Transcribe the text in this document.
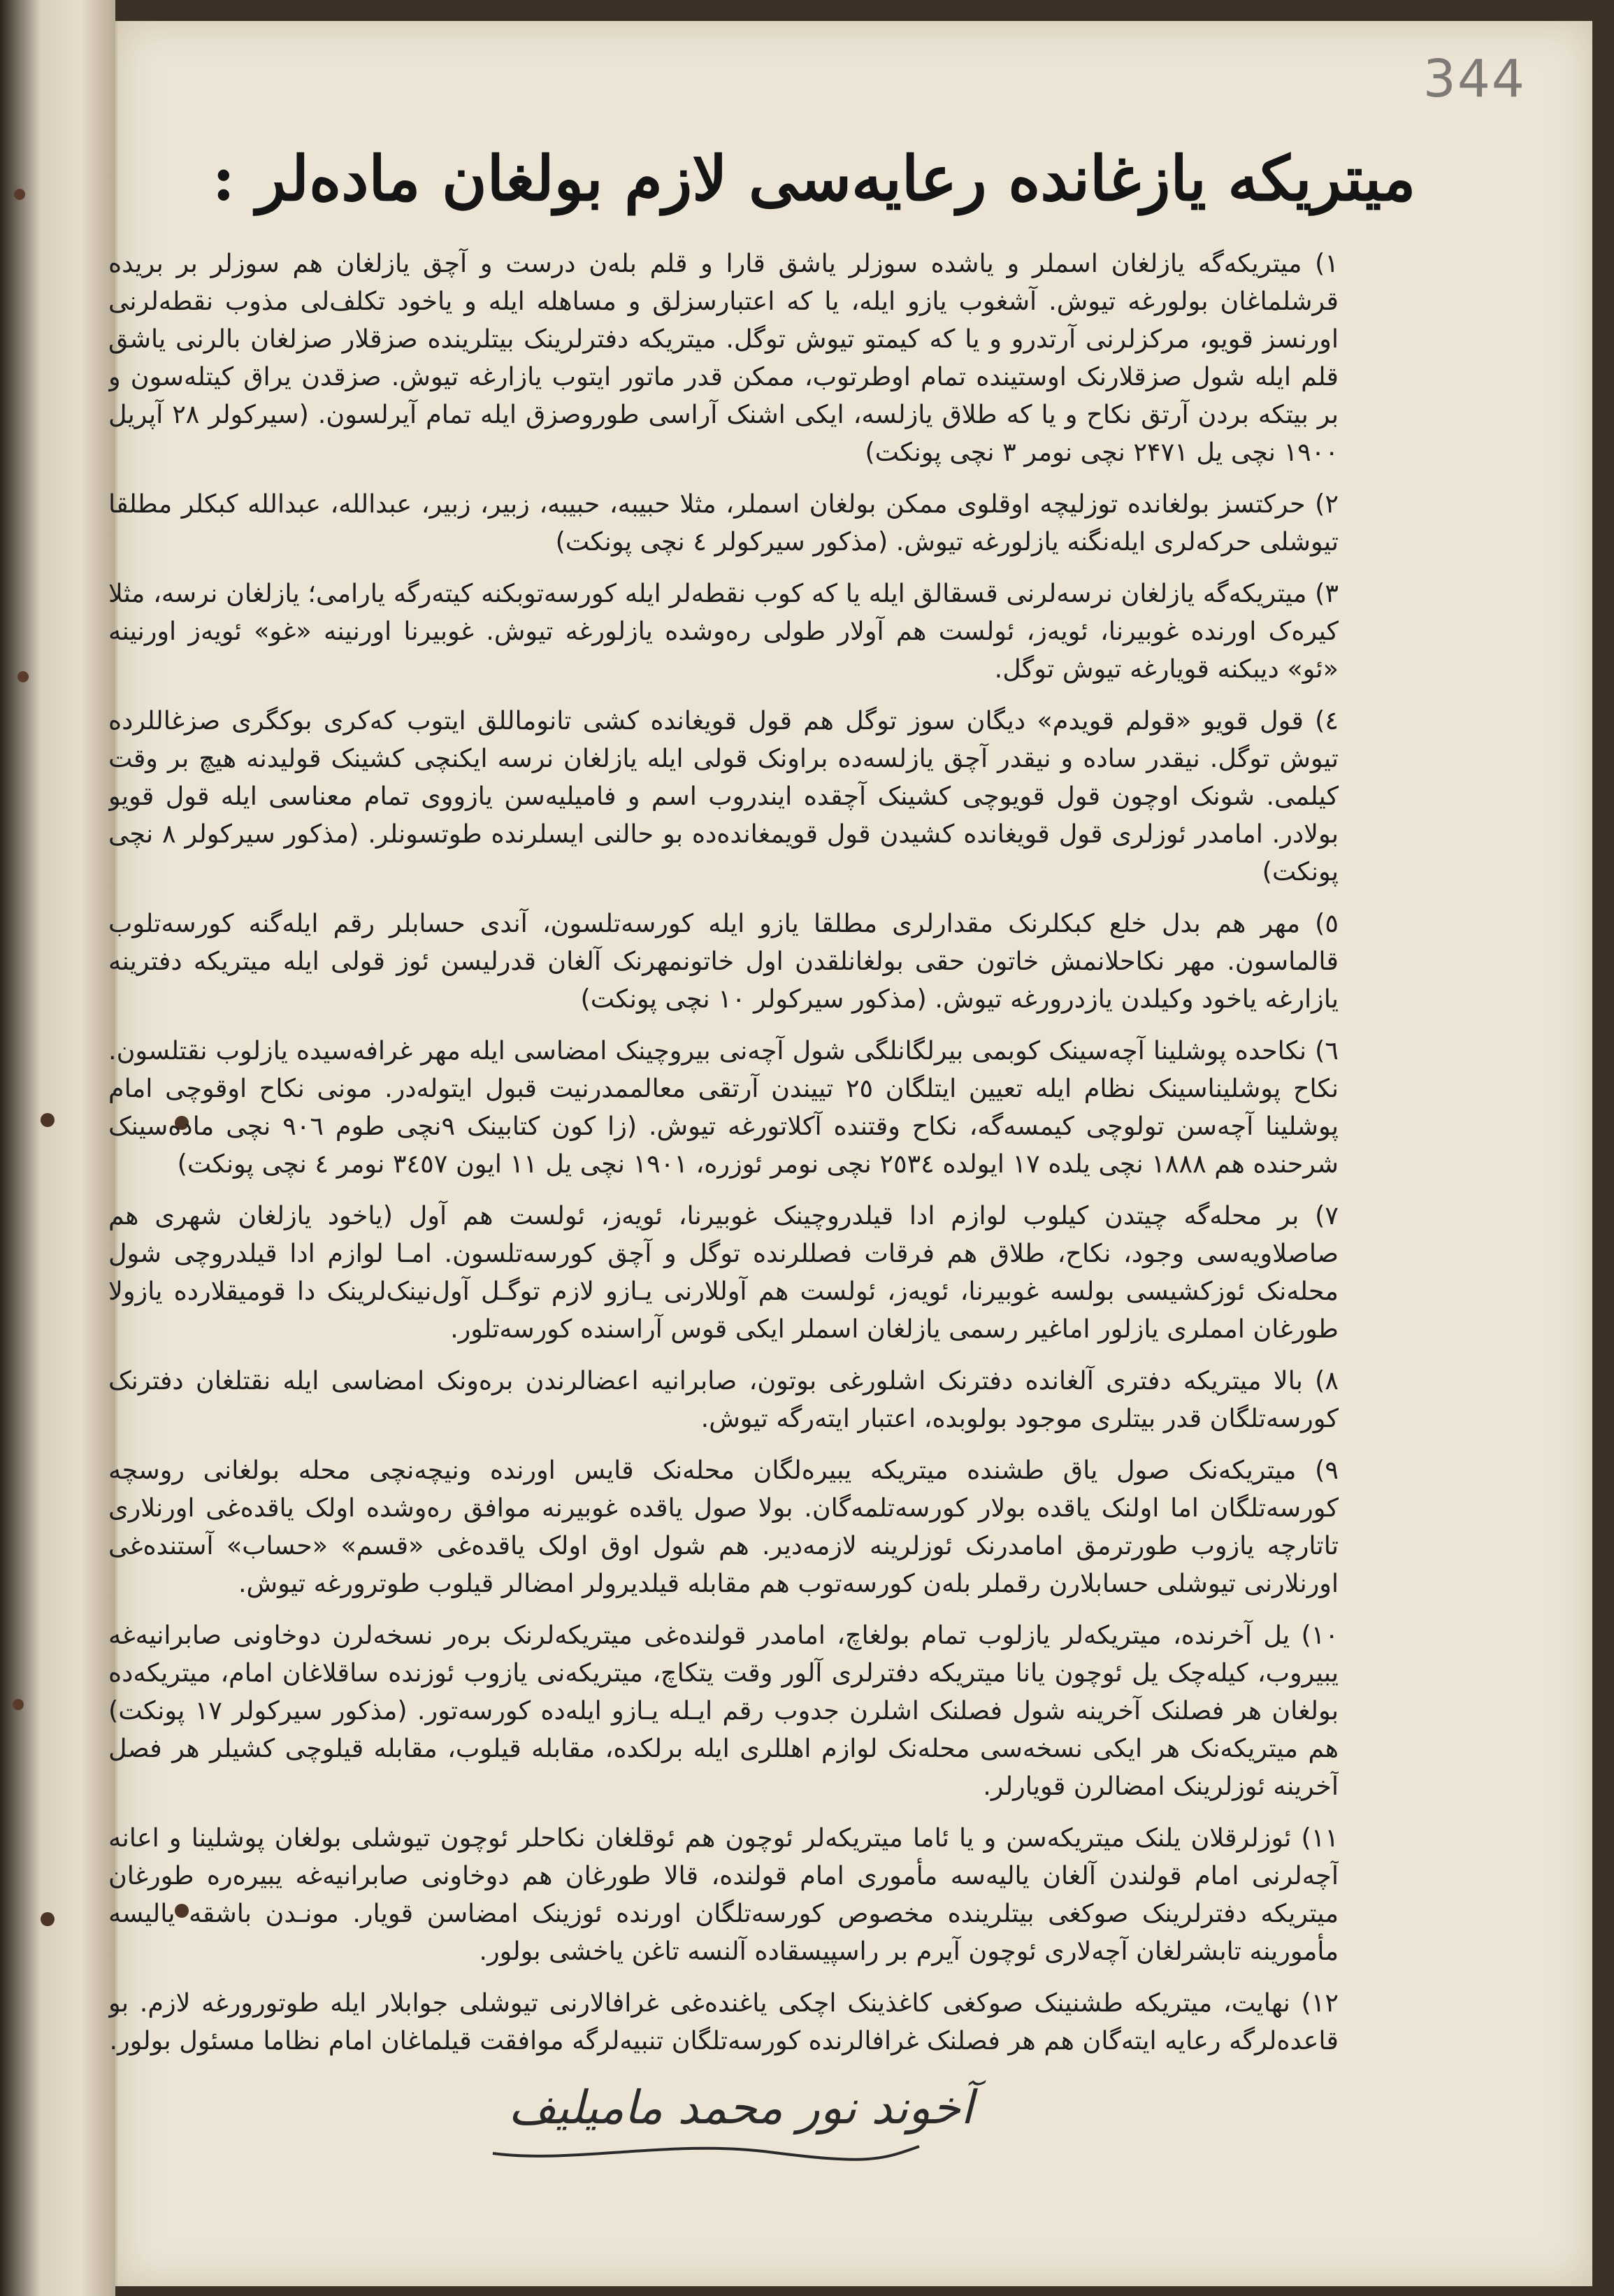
344
میتریکه یازغانده رعایه‌سی لازم بولغان ماده‌لر :

۱) میتریکه‌گه یازلغان اسملر و یاشده سوزلر یاشق قارا و قلم بله‌ن درست و آچق یازلغان هم سوزلر بر بریده قرشلماغان بولورغه تیوش. آشغوب یازو ایله، یا که اعتبارسزلق و مساهله ایله و یاخود تکلف‌لی مذوب نقطه‌لرنی اورنسز قویو، مرکزلرنی آرتدرو و یا که کیمتو تیوش توگل. میتریکه دفترلرینک بیتلرینده صزقلار صزلغان بالرنی یاشق قلم ایله شول صزقلارنک اوستینده تمام اوطرتوب، ممکن قدر ماتور ایتوب یازارغه تیوش. صزقدن یراق کیتله‌سون و بر بیتکه بردن آرتق نکاح و یا که طلاق یازلسه، ایکی اشنک آراسی طوروصزق ایله تمام آیرلسون. (سیرکولر ۲۸ آپریل ۱۹۰۰ نچی یل ۲۴۷۱ نچی نومر ۳ نچی پونکت)

۲) حرکتسز بولغانده توزلیچه اوقلوی ممکن بولغان اسملر، مثلا حبیبه، حبیبه، زبیر، زبیر، عبدالله، عبدالله کبکلر مطلقا تیوشلی حرکه‌لری ایله‌نگنه یازلورغه تیوش. (مذکور سیرکولر ٤ نچی پونکت)

۳) میتریکه‌گه یازلغان نرسه‌لرنی قسقالق ایله یا که کوب نقطه‌لر ایله کورسه‌توبکنه کیته‌رگه یارامی؛ یازلغان نرسه، مثلا کیره‌ک اورنده غوبیرنا، ئویه‌ز، ئولست هم آولار طولی ره‌وشده یازلورغه تیوش. غوبیرنا اورنینه «غو» ئویه‌ز اورنینه «ئو» دیبکنه قویارغه تیوش توگل.

٤) قول قویو «قولم قویدم» دیگان سوز توگل هم قول قویغانده کشی تانوماللق ایتوب که‌کری بوکگری صزغاللرده تیوش توگل. نیقدر ساده و نیقدر آچق یازلسه‌ده براونک قولی ایله یازلغان نرسه ایکنچی کشینک قولیدنه هیچ بر وقت کیلمی. شونک اوچون قول قویوچی کشینک آچقده ایندروب اسم و فامیلیه‌سن یازووی تمام معناسی ایله قول قویو بولادر. امامدر ئوزلری قول قویغانده کشیدن قول قویمغانده‌ده بو حالنی ایسلرنده طوتسونلر. (مذکور سیرکولر ۸ نچی پونکت)

٥) مهر هم بدل خلع کبکلرنک مقدارلری مطلقا یازو ایله کورسه‌تلسون، آندی حسابلر رقم ایله‌گنه کورسه‌تلوب قالماسون. مهر نکاحلانمش خاتون حقی بولغانلقدن اول خاتونمهرنک آلغان قدرلیسن ئوز قولی ایله میتریکه دفترینه یازارغه یاخود وکیلدن یازدرورغه تیوش. (مذکور سیرکولر ۱۰ نچی پونکت)

٦) نکاحده پوشلینا آچه‌سینک کوبمی بیرلگانلگی شول آچه‌نی بیروچینک امضاسی ایله مهر غرافه‌سیده یازلوب نقتلسون. نکاح پوشلیناسینک نظام ایله تعیین ایتلگان ۲٥ تییندن آرتقی معالممدرنیت قبول ایتوله‌در. مونی نکاح اوقوچی امام پوشلینا آچه‌سن تولوچی کیمسه‌گه، نکاح وقتنده آکلاتورغه تیوش. (زا کون کتابینک ۹نچی طوم ۹۰٦ نچی ماده‌سینک شرحنده هم ۱۸۸۸ نچی یلده ۱۷ ایولده ۲٥۳٤ نچی نومر ئوزره، ۱۹۰۱ نچی یل ۱۱ ایون ۳٤٥۷ نومر ٤ نچی پونکت)

۷) بر محله‌گه چیتدن کیلوب لوازم ادا قیلدروچینک غوبیرنا، ئویه‌ز، ئولست هم آول (یاخود یازلغان شهری هم صاصلاویه‌سی وجود، نکاح، طلاق هم فرقات فصللرنده توگل و آچق کورسه‌تلسون. امـا لوازم ادا قیلدروچی شول محله‌نک ئوزکشیسی بولسه غوبیرنا، ئویه‌ز، ئولست هم آوللارنی یـازو لازم توگـل آول‌نینک‌لرینک دا قومیقلارده یازولا طورغان امملری یازلور اماغیر رسمی یازلغان اسملر ایکی قوس آراسنده کورسه‌تلور.

۸) بالا میتریکه دفتری آلغانده دفترنک اشلورغی بوتون، صابرانیه اعضالرندن بره‌ونک امضاسی ایله نقتلغان دفترنک کورسه‌تلگان قدر بیتلری موجود بولوبده، اعتبار ایته‌رگه تیوش.

۹) میتریکه‌نک صول یاق طشنده میتریکه یبیره‌لگان محله‌نک قایس اورنده ونیچه‌نچی محله بولغانی روسچه کورسه‌تلگان اما اولنک یاقده بولار کورسه‌تلمه‌گان. بولا صول یاقده غوبیرنه موافق ره‌وشده اولک یاقده‌غی اورنلاری تاتارچه یازوب طورترمق امامدرنک ئوزلرینه لازمه‌دیر. هم شول اوق اولک یاقده‌غی «قسم» «حساب» آستنده‌غی اورنلارنی تیوشلی حسابلارن رقملر بله‌ن کورسه‌توب هم مقابله قیلدیرولر امضالر قیلوب طوترورغه تیوش.

۱۰) یل آخرنده، میتریکه‌لر یازلوب تمام بولغاچ، امامدر قولنده‌غی میتریکه‌لرنک بره‌ر نسخه‌لرن دوخاونی صابرانیه‌غه یبیروب، کیله‌چک یل ئوچون یانا میتریکه دفترلری آلور وقت یتکاچ، میتریکه‌نی یازوب ئوزنده ساقلاغان امام، میتریکه‌ده بولغان هر فصلنک آخرینه شول فصلنک اشلرن جدوب رقم ایـله یـازو ایله‌ده کورسه‌تور. (مذکور سیرکولر ۱۷ پونکت) هم میتریکه‌نک هر ایکی نسخه‌سی محله‌نک لوازم اهللری ایله برلکده، مقابله قیلوب، مقابله قیلوچی کشیلر هر فصل آخرینه ئوزلرینک امضالرن قویارلر.

۱۱) ئوزلرقلان یلنک میتریکه‌سن و یا ئاما میتریکه‌لر ئوچون هم ئوقلغان نکاحلر ئوچون تیوشلی بولغان پوشلینا و اعانه آچه‌لرنی امام قولندن آلغان یالیه‌سه مأموری امام قولنده، قالا طورغان هم دوخاونی صابرانیه‌غه یبیره‌ره طورغان میتریکه دفترلرینک صوکغی بیتلرینده مخصوص کورسه‌تلگان اورنده ئوزینک امضاسن قویار. مونـدن باشقه یالیسه مأمورینه تابشرلغان آچه‌لاری ئوچون آیرم بر راسپیسقاده آلنسه تاغن یاخشی بولور.

۱۲) نهایت، میتریکه طشنینک صوکغی کاغذینک اچکی یاغنده‌غی غرافالارنی تیوشلی جوابلار ایله طوتورورغه لازم. بو قاعده‌لرگه رعایه ایته‌گان هم هر فصلنک غرافالرنده کورسه‌تلگان تنبیه‌لرگه موافقت قیلماغان امام نظاما مسئول بولور.

آخوند نور محمد مامیلیف
